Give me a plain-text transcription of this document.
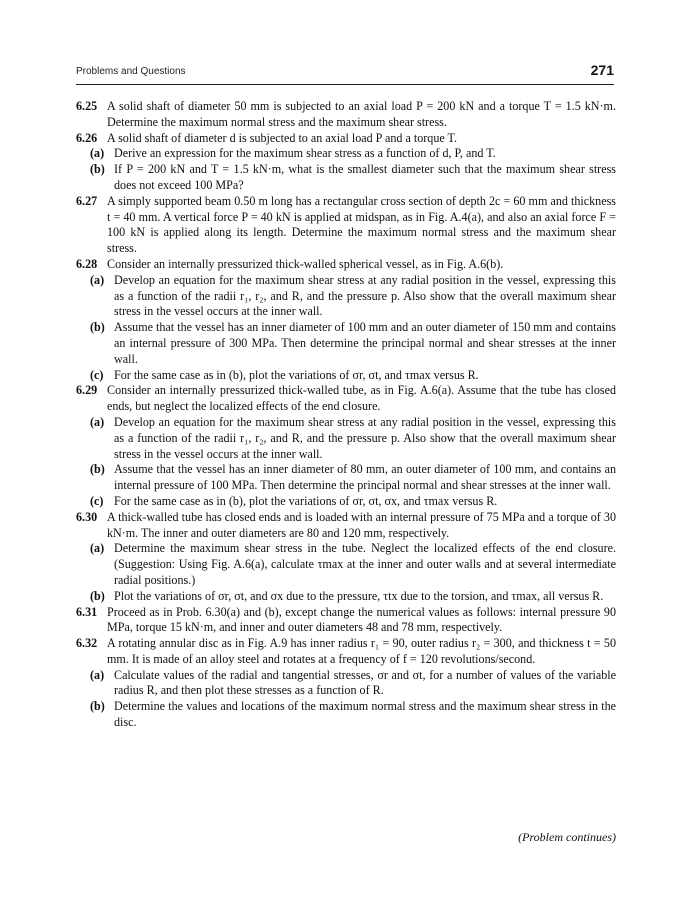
Problems and Questions	271
6.25 A solid shaft of diameter 50 mm is subjected to an axial load P = 200 kN and a torque T = 1.5 kN·m. Determine the maximum normal stress and the maximum shear stress.
6.26 A solid shaft of diameter d is subjected to an axial load P and a torque T.
(a) Derive an expression for the maximum shear stress as a function of d, P, and T.
(b) If P = 200 kN and T = 1.5 kN·m, what is the smallest diameter such that the maximum shear stress does not exceed 100 MPa?
6.27 A simply supported beam 0.50 m long has a rectangular cross section of depth 2c = 60 mm and thickness t = 40 mm. A vertical force P = 40 kN is applied at midspan, as in Fig. A.4(a), and also an axial force F = 100 kN is applied along its length. Determine the maximum normal stress and the maximum shear stress.
6.28 Consider an internally pressurized thick-walled spherical vessel, as in Fig. A.6(b).
(a) Develop an equation for the maximum shear stress at any radial position in the vessel, expressing this as a function of the radii r₁, r₂, and R, and the pressure p. Also show that the overall maximum shear stress in the vessel occurs at the inner wall.
(b) Assume that the vessel has an inner diameter of 100 mm and an outer diameter of 150 mm and contains an internal pressure of 300 MPa. Then determine the principal normal and shear stresses at the inner wall.
(c) For the same case as in (b), plot the variations of σr, σt, and τmax versus R.
6.29 Consider an internally pressurized thick-walled tube, as in Fig. A.6(a). Assume that the tube has closed ends, but neglect the localized effects of the end closure.
(a) Develop an equation for the maximum shear stress at any radial position in the vessel, expressing this as a function of the radii r₁, r₂, and R, and the pressure p. Also show that the overall maximum shear stress in the vessel occurs at the inner wall.
(b) Assume that the vessel has an inner diameter of 80 mm, an outer diameter of 100 mm, and contains an internal pressure of 100 MPa. Then determine the principal normal and shear stresses at the inner wall.
(c) For the same case as in (b), plot the variations of σr, σt, σx, and τmax versus R.
6.30 A thick-walled tube has closed ends and is loaded with an internal pressure of 75 MPa and a torque of 30 kN·m. The inner and outer diameters are 80 and 120 mm, respectively.
(a) Determine the maximum shear stress in the tube. Neglect the localized effects of the end closure. (Suggestion: Using Fig. A.6(a), calculate τmax at the inner and outer walls and at several intermediate radial positions.)
(b) Plot the variations of σr, σt, and σx due to the pressure, τtx due to the torsion, and τmax, all versus R.
6.31 Proceed as in Prob. 6.30(a) and (b), except change the numerical values as follows: internal pressure 90 MPa, torque 15 kN·m, and inner and outer diameters 48 and 78 mm, respectively.
6.32 A rotating annular disc as in Fig. A.9 has inner radius r₁ = 90, outer radius r₂ = 300, and thickness t = 50 mm. It is made of an alloy steel and rotates at a frequency of f = 120 revolutions/second.
(a) Calculate values of the radial and tangential stresses, σr and σt, for a number of values of the variable radius R, and then plot these stresses as a function of R.
(b) Determine the values and locations of the maximum normal stress and the maximum shear stress in the disc.
(Problem continues)
